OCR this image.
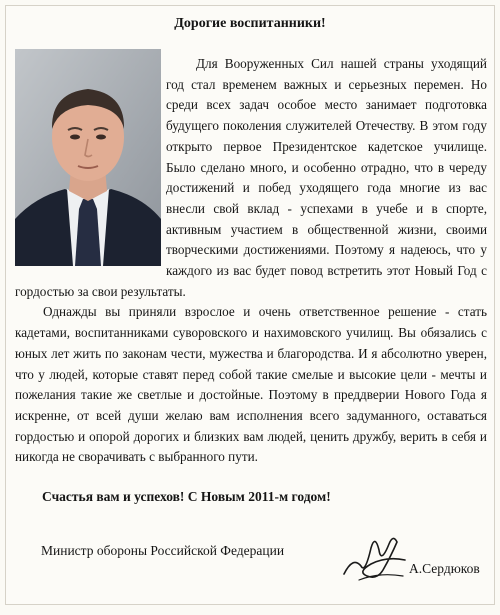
Дорогие воспитанники!

Для Вооруженных Сил нашей страны уходящий год стал временем важных и серьезных перемен. Но среди всех задач особое место занимает подготовка будущего поколения служителей Отечеству. В этом году открыто первое Президентское кадетское училище. Было сделано много, и особенно отрадно, что в череду достижений и побед уходящего года многие из вас внесли свой вклад - успехами в учебе и в спорте, активным участием в общественной жизни, своими творческими достижениями. Поэтому я надеюсь, что у каждого из вас будет повод встретить этот Новый Год с гордостью за свои результаты.

Однажды вы приняли взрослое и очень ответственное решение - стать кадетами, воспитанниками суворовского и нахимовского училищ. Вы обязались с юных лет жить по законам чести, мужества и благородства. И я абсолютно уверен, что у людей, которые ставят перед собой такие смелые и высокие цели - мечты и пожелания такие же светлые и достойные. Поэтому в преддверии Нового Года я искренне, от всей души желаю вам исполнения всего задуманного, оставаться гордостью и опорой дорогих и близких вам людей, ценить дружбу, верить в себя и никогда не сворачивать с выбранного пути.

Счастья вам и успехов! С Новым 2011-м годом!
Министр обороны Российской Федерации
А.Сердюков
